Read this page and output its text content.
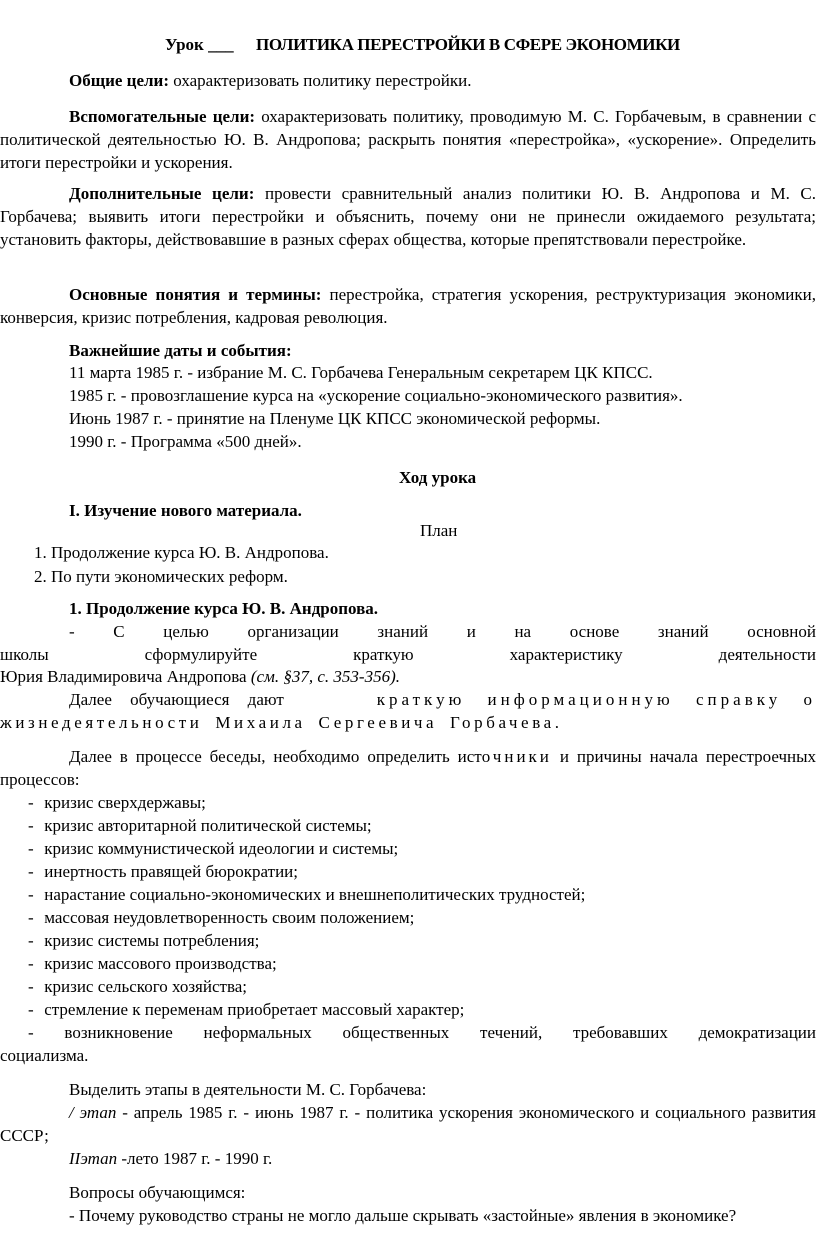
Урок ___ ПОЛИТИКА ПЕРЕСТРОЙКИ В СФЕРЕ ЭКОНОМИКИ
Общие цели: охарактеризовать политику перестройки.
Вспомогательные цели: охарактеризовать политику, проводимую М. С. Горбачевым, в сравнении с политической деятельностью Ю. В. Андропова; раскрыть понятия «перестройка», «ускорение». Определить итоги перестройки и ускорения.
Дополнительные цели: провести сравнительный анализ политики Ю. В. Андропова и М. С. Горбачева; выявить итоги перестройки и объяснить, почему они не принесли ожидаемого результата; установить факторы, действовавшие в разных сферах общества, которые препятствовали перестройке.
Основные понятия и термины: перестройка, стратегия ускорения, реструктуризация экономики, конверсия, кризис потребления, кадровая революция.
Важнейшие даты и события:
11 марта 1985 г. - избрание М. С. Горбачева Генеральным секретарем ЦК КПСС.
1985 г. - провозглашение курса на «ускорение социально-экономического развития».
Июнь 1987 г. - принятие на Пленуме ЦК КПСС экономической реформы.
1990 г. - Программа «500 дней».
Ход урока
I. Изучение нового материала.
План
1. Продолжение курса Ю. В. Андропова.
2. По пути экономических реформ.
1. Продолжение курса Ю. В. Андропова.
- С целью организации знаний и на основе знаний основной
школы сформулируйте краткую характеристику деятельности
Юрия Владимировича Андропова (см. §37, с. 353-356).
Далее обучающиеся дают	краткую информационную справку о
жизнедеятельности Михаила Сергеевича Горбачева.
Далее в процессе беседы, необходимо определить источники и причины начала перестроечных процессов:
- кризис сверхдержавы;
- кризис авторитарной политической системы;
- кризис коммунистической идеологии и системы;
- инертность правящей бюрократии;
- нарастание социально-экономических и внешнеполитических трудностей;
- массовая неудовлетворенность своим положением;
- кризис системы потребления;
- кризис массового производства;
- кризис сельского хозяйства;
- стремление к переменам приобретает массовый характер;
- возникновение неформальных общественных течений, требовавших демократизации
социализма.
Выделить этапы в деятельности М. С. Горбачева:
/ этап - апрель 1985 г. - июнь 1987 г. - политика ускорения экономического и социального развития СССР;
IIэтап -лето 1987 г. - 1990 г.
Вопросы обучающимся:
- Почему руководство страны не могло дальше скрывать «застойные» явления в экономике?
